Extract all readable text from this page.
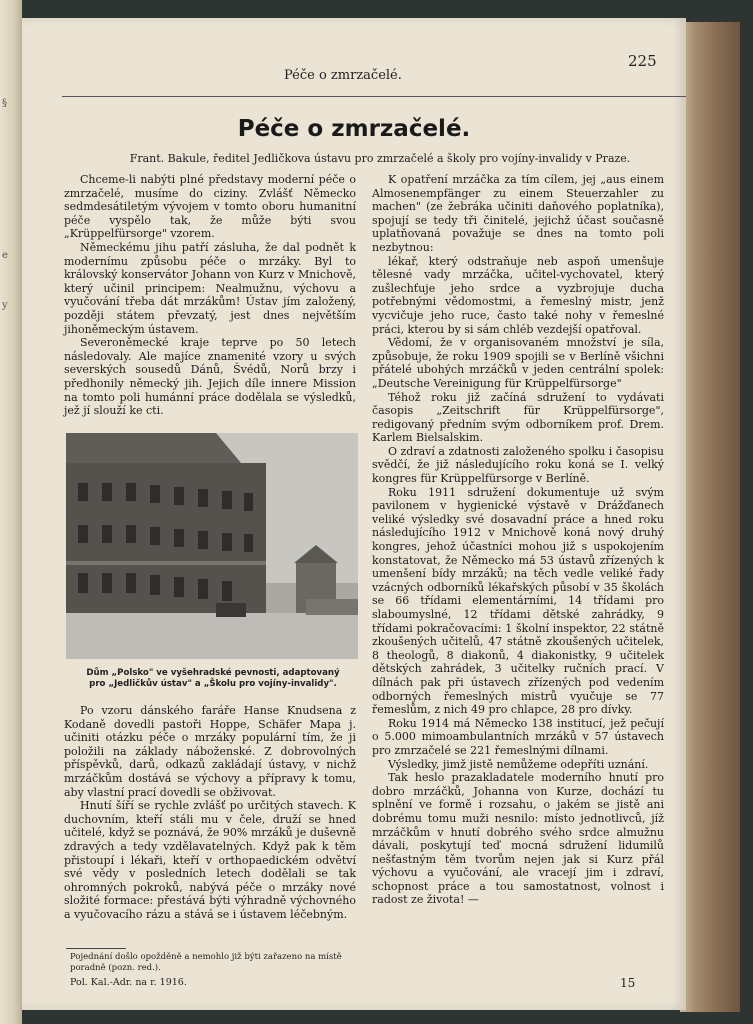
§
e
y
Péče o zmrzačelé.
225
Péče o zmrzačelé.
Frant. Bakule, ředitel Jedličkova ústavu pro zmrzačelé a školy pro vojíny-invalidy v Praze.

Chceme-li nabýti plné představy moderní péče o zmrzačelé, musíme do ciziny. Zvlášť Německo sedmdesátiletým vývojem v tomto oboru humanitní péče vyspělo tak, že může býti svou „Krüppelfürsorge" vzorem.

Německému jihu patří zásluha, že dal podnět k modernímu způsobu péče o mrzáky. Byl to královský konservátor Johann von Kurz v Mnichově, který učinil principem: Nealmužnu, výchovu a vyučování třeba dát mrzákům! Ústav jím založený, později státem převzatý, jest dnes největším jihoněmeckým ústavem.

Severoněmecké kraje teprve po 50 letech následovaly. Ale majíce znamenité vzory u svých severských sousedů Dánů, Švédů, Norů brzy i předhonily německý jih. Jejich díle innere Mission na tomto poli humánní práce dodělala se výsledků, jež jí slouží ke cti.

Dům „Polsko" ve vyšehradské pevnosti, adaptovaný pro „Jedličkův ústav" a „Školu pro vojíny-invalidy".

Po vzoru dánského faráře Hanse Knudsena z Kodaně dovedli pastoři Hoppe, Schäfer Mapa j. učiniti otázku péče o mrzáky populární tím, že ji položili na základy náboženské. Z dobrovolných příspěvků, darů, odkazů zakládají ústavy, v nichž mrzáčkům dostává se výchovy a přípravy k tomu, aby vlastní prací dovedli se obživovat.

Hnutí šíří se rychle zvlášť po určitých stavech. K duchovním, kteří stáli mu v čele, druží se hned učitelé, když se poznává, že 90% mrzáků je duševně zdravých a tedy vzdělavatelných. Když pak k těm přistoupí i lékaři, kteří v orthopaedickém odvětví své vědy v posledních letech dodělali se tak ohromných pokroků, nabývá péče o mrzáky nové složité formace: přestává býti výhradně výchovného a vyučovacího rázu a stává se i ústavem léčebným.

Pojednání došlo opožděně a nemohlo již býti zařazeno na místě poradně (pozn. red.).
Pol. Kal.-Adr. na r. 1916.	15

K opatření mrzáčka za tím cílem, jej „aus einem Almosenempfänger zu einem Steuerzahler zu machen" (ze žebráka učiniti daňového poplatníka), spojují se tedy tři činitelé, jejichž účast současně uplatňovaná považuje se dnes na tomto poli nezbytnou:

lékař, který odstraňuje neb aspoň umenšuje tělesné vady mrzáčka, učitel-vychovatel, který zušlechťuje jeho srdce a vyzbrojuje ducha potřebnými vědomostmi, a řemeslný mistr, jenž vycvičuje jeho ruce, často také nohy v řemeslné práci, kterou by si sám chléb vezdejší opatřoval.

Vědomí, že v organisovaném množství je síla, způsobuje, že roku 1909 spojili se v Berlíně všichni přátelé ubohých mrzáčků v jeden centrální spolek: „Deutsche Vereinigung für Krüppelfürsorge"

Téhož roku již začíná sdružení to vydávati časopis „Zeitschrift für Krüppelfürsorge", redigovaný předním svým odborníkem prof. Drem. Karlem Bielsalskim.

O zdraví a zdatnosti založeného spolku i časopisu svědčí, že již následujícího roku koná se I. velký kongres für Krüppelfürsorge v Berlíně.

Roku 1911 sdružení dokumentuje už svým pavilonem v hygienické výstavě v Drážďanech veliké výsledky své dosavadní práce a hned roku následujícího 1912 v Mnichově koná nový druhý kongres, jehož účastníci mohou již s uspokojením konstatovat, že Německo má 53 ústavů zřízených k umenšení bídy mrzáků; na těch vedle veliké řady vzácných odborníků lékařských působí v 35 školách se 66 třídami elementárními, 14 třídami pro slaboumyslné, 12 třídami dětské zahrádky, 9 třídami pokračovacími: 1 školní inspektor, 22 státně zkoušených učitelů, 47 státně zkoušených učitelek, 8 theologů, 8 diakonů, 4 diakonistky, 9 učitelek dětských zahrádek, 3 učitelky ručních prací. V dílnách pak při ústavech zřízených pod vedením odborných řemeslných mistrů vyučuje se 77 řemeslům, z nich 49 pro chlapce, 28 pro dívky.

Roku 1914 má Německo 138 institucí, jež pečují o 5.000 mimoambulantních mrzáků v 57 ústavech pro zmrzačelé se 221 řemeslnými dílnami.

Výsledky, jimž jistě nemůžeme odepříti uznání.

Tak heslo prazakladatele moderního hnutí pro dobro mrzáčků, Johanna von Kurze, dochází tu splnění ve formě i rozsahu, o jakém se jistě ani dobrému tomu muži nesnilo: místo jednotlivců, jíž mrzáčkům v hnutí dobrého svého srdce almužnu dávali, poskytují teď mocná sdružení lidumilů nešťastným těm tvorům nejen jak si Kurz přál výchovu a vyučování, ale vracejí jim i zdraví, schopnost práce a tou samostatnost, volnost i radost ze života! —
